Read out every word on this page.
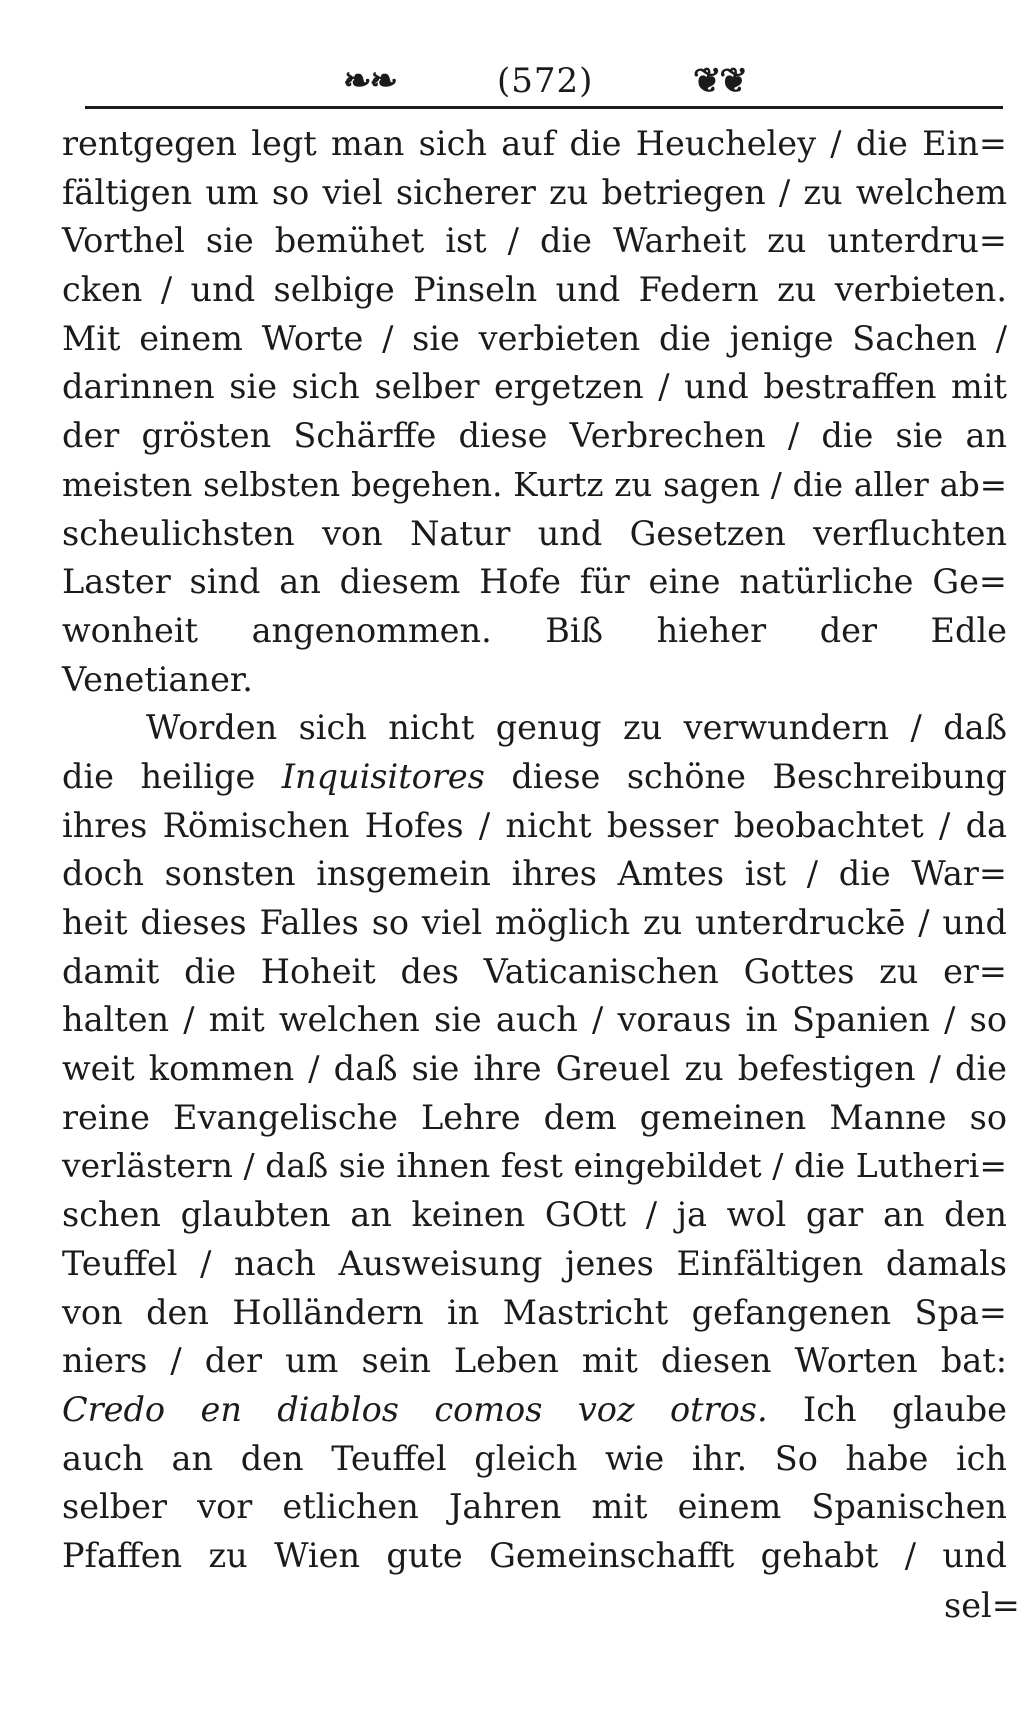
❧❧	(572)	❦❦
rentgegen legt man sich auf die Heucheley / die Ein=
fältigen um so viel sicherer zu betriegen / zu welchem
Vorthel sie bemühet ist / die Warheit zu unterdru=
cken / und selbige Pinseln und Federn zu verbieten.
Mit einem Worte / sie verbieten die jenige Sachen /
darinnen sie sich selber ergetzen / und bestraffen mit
der grösten Schärffe diese Verbrechen / die sie an
meisten selbsten begehen. Kurtz zu sagen / die aller ab=
scheulichsten von Natur und Gesetzen verfluchten
Laster sind an diesem Hofe für eine natürliche Ge=
wonheit angenommen. Biß hieher der Edle
Venetianer.
Worden sich nicht genug zu verwundern / daß
die heilige Inquisitores diese schöne Beschreibung
ihres Römischen Hofes / nicht besser beobachtet / da
doch sonsten insgemein ihres Amtes ist / die War=
heit dieses Falles so viel möglich zu unterdruckē / und
damit die Hoheit des Vaticanischen Gottes zu er=
halten / mit welchen sie auch / voraus in Spanien / so
weit kommen / daß sie ihre Greuel zu befestigen / die
reine Evangelische Lehre dem gemeinen Manne so
verlästern / daß sie ihnen fest eingebildet / die Lutheri=
schen glaubten an keinen GOtt / ja wol gar an den
Teuffel / nach Ausweisung jenes Einfältigen damals
von den Holländern in Mastricht gefangenen Spa=
niers / der um sein Leben mit diesen Worten bat:
Credo en diablos comos voz otros. Ich glaube
auch an den Teuffel gleich wie ihr. So habe ich
selber vor etlichen Jahren mit einem Spanischen
Pfaffen zu Wien gute Gemeinschafft gehabt / und
sel=
